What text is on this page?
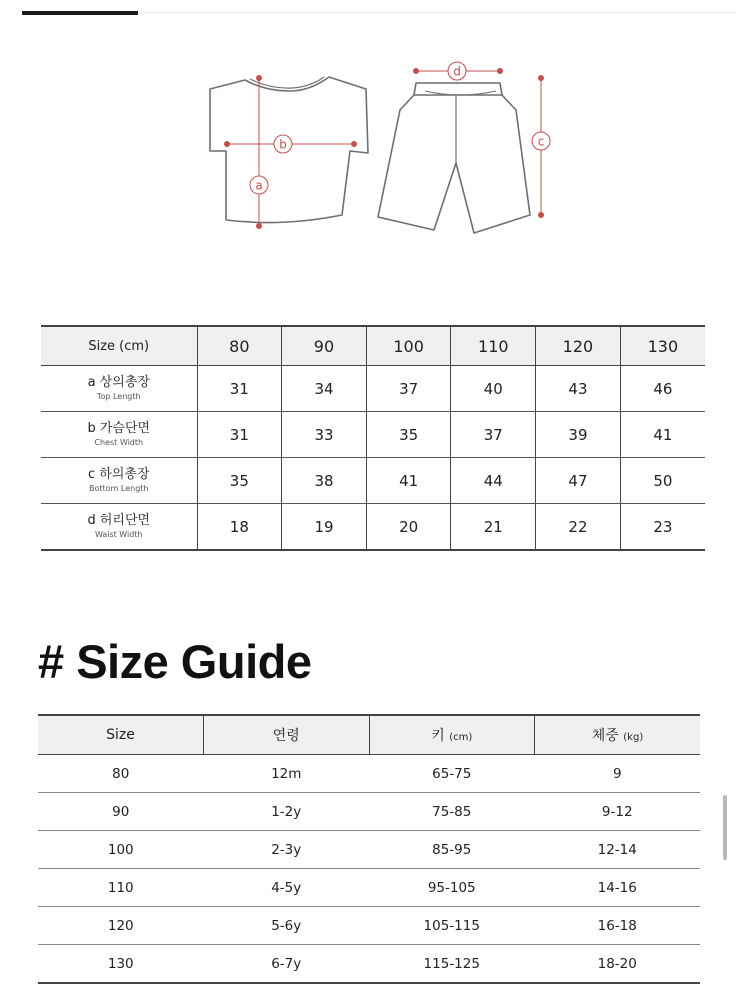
a
b
d
c
Size (cm)	80	90	100	110	120	130

a 상의총장
Top Length	31	34	37	40	43	46

b 가슴단면
Chest Width	31	33	35	37	39	41

c 하의총장
Bottom Length	35	38	41	44	47	50

d 허리단면
Waist Width	18	19	20	21	22	23
# Size Guide
Size	연령	키 (cm)	체중 (kg)
80	12m	65-75	9
90	1-2y	75-85	9-12
100	2-3y	85-95	12-14
110	4-5y	95-105	14-16
120	5-6y	105-115	16-18
130	6-7y	115-125	18-20
